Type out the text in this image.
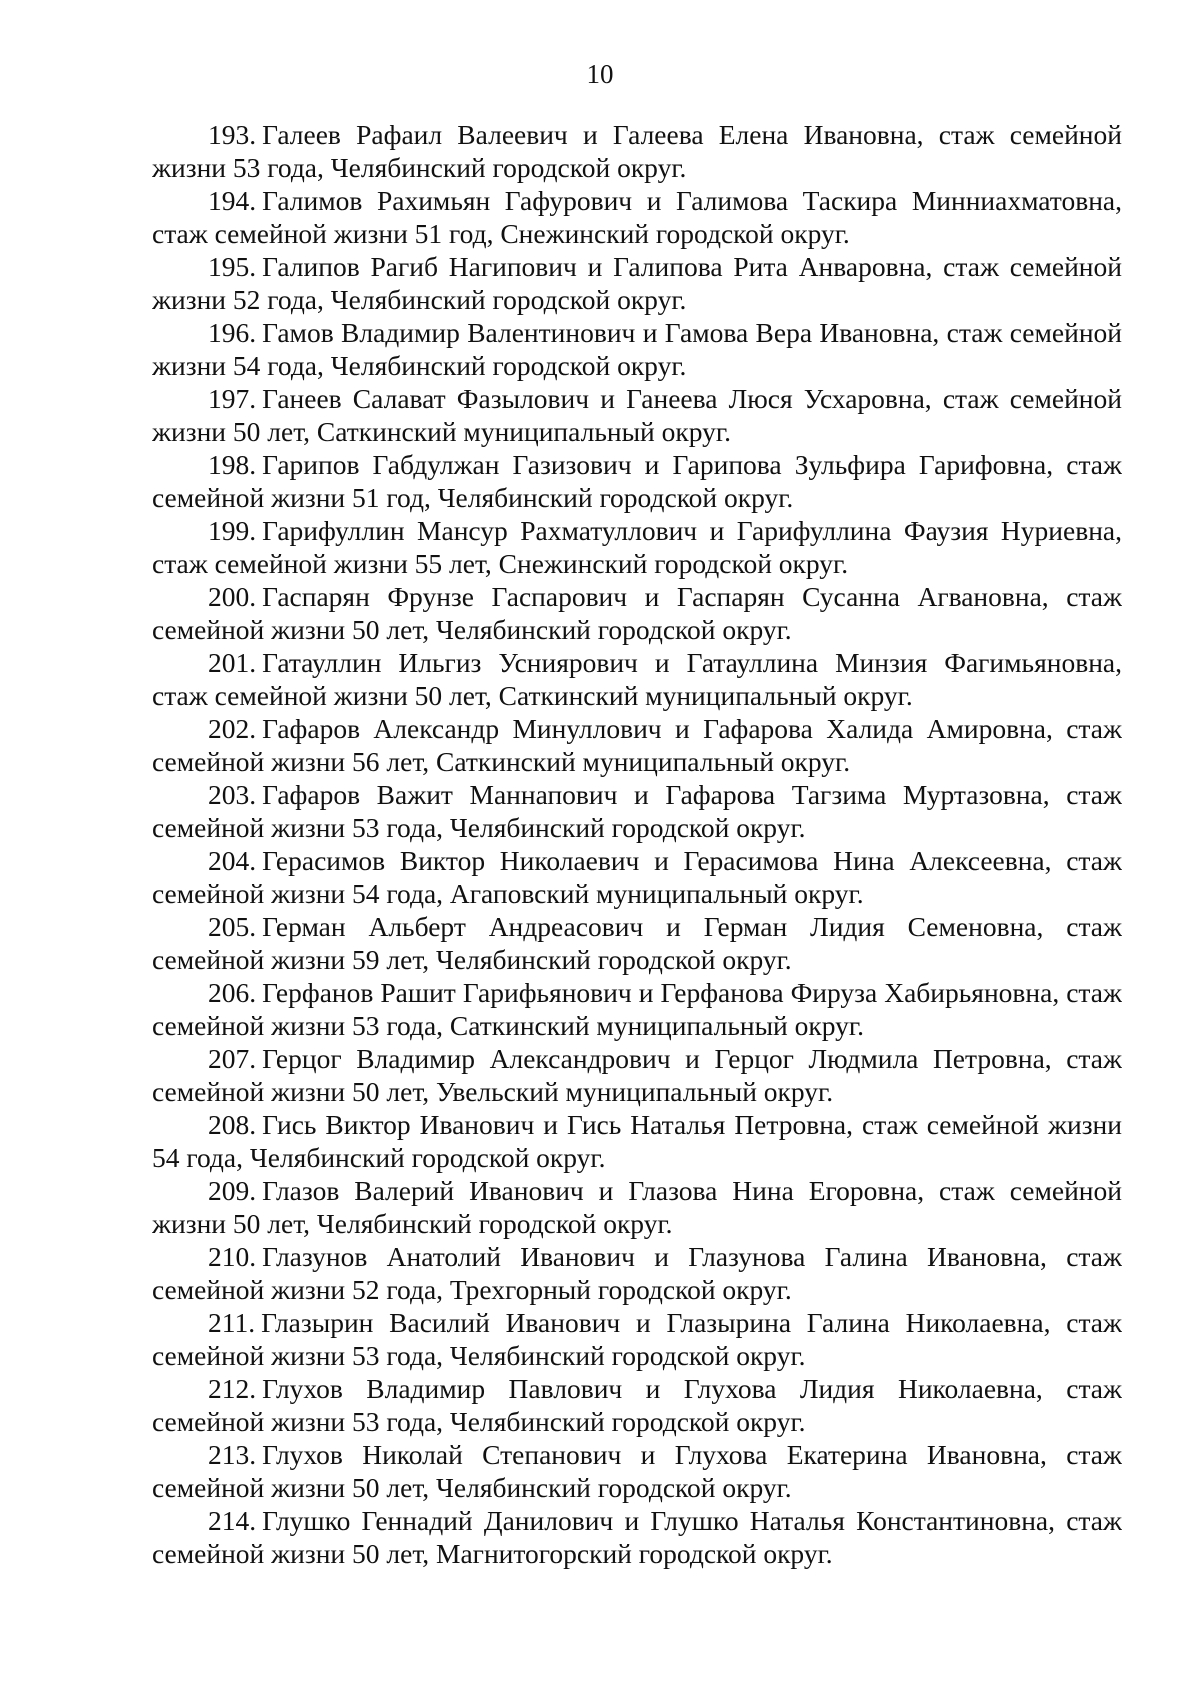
10

193. Галеев Рафаил Валеевич и Галеева Елена Ивановна, стаж семейной жизни 53 года, Челябинский городской округ.

194. Галимов Рахимьян Гафурович и Галимова Таскира Минниахматовна, стаж семейной жизни 51 год, Снежинский городской округ.

195. Галипов Рагиб Нагипович и Галипова Рита Анваровна, стаж семейной жизни 52 года, Челябинский городской округ.

196. Гамов Владимир Валентинович и Гамова Вера Ивановна, стаж семейной жизни 54 года, Челябинский городской округ.

197. Ганеев Салават Фазылович и Ганеева Люся Усхаровна, стаж семейной жизни 50 лет, Саткинский муниципальный округ.

198. Гарипов Габдулжан Газизович и Гарипова Зульфира Гарифовна, стаж семейной жизни 51 год, Челябинский городской округ.

199. Гарифуллин Мансур Рахматуллович и Гарифуллина Фаузия Нуриевна, стаж семейной жизни 55 лет, Снежинский городской округ.

200. Гаспарян Фрунзе Гаспарович и Гаспарян Сусанна Агвановна, стаж семейной жизни 50 лет, Челябинский городской округ.

201. Гатауллин Ильгиз Усниярович и Гатауллина Минзия Фагимьяновна, стаж семейной жизни 50 лет, Саткинский муниципальный округ.

202. Гафаров Александр Минуллович и Гафарова Халида Амировна, стаж семейной жизни 56 лет, Саткинский муниципальный округ.

203. Гафаров Важит Маннапович и Гафарова Тагзима Муртазовна, стаж семейной жизни 53 года, Челябинский городской округ.

204. Герасимов Виктор Николаевич и Герасимова Нина Алексеевна, стаж семейной жизни 54 года, Агаповский муниципальный округ.

205. Герман Альберт Андреасович и Герман Лидия Семеновна, стаж семейной жизни 59 лет, Челябинский городской округ.

206. Герфанов Рашит Гарифьянович и Герфанова Фируза Хабирьяновна, стаж семейной жизни 53 года, Саткинский муниципальный округ.

207. Герцог Владимир Александрович и Герцог Людмила Петровна, стаж семейной жизни 50 лет, Увельский муниципальный округ.

208. Гись Виктор Иванович и Гись Наталья Петровна, стаж семейной жизни 54 года, Челябинский городской округ.

209. Глазов Валерий Иванович и Глазова Нина Егоровна, стаж семейной жизни 50 лет, Челябинский городской округ.

210. Глазунов Анатолий Иванович и Глазунова Галина Ивановна, стаж семейной жизни 52 года, Трехгорный городской округ.

211. Глазырин Василий Иванович и Глазырина Галина Николаевна, стаж семейной жизни 53 года, Челябинский городской округ.

212. Глухов Владимир Павлович и Глухова Лидия Николаевна, стаж семейной жизни 53 года, Челябинский городской округ.

213. Глухов Николай Степанович и Глухова Екатерина Ивановна, стаж семейной жизни 50 лет, Челябинский городской округ.

214. Глушко Геннадий Данилович и Глушко Наталья Константиновна, стаж семейной жизни 50 лет, Магнитогорский городской округ.
